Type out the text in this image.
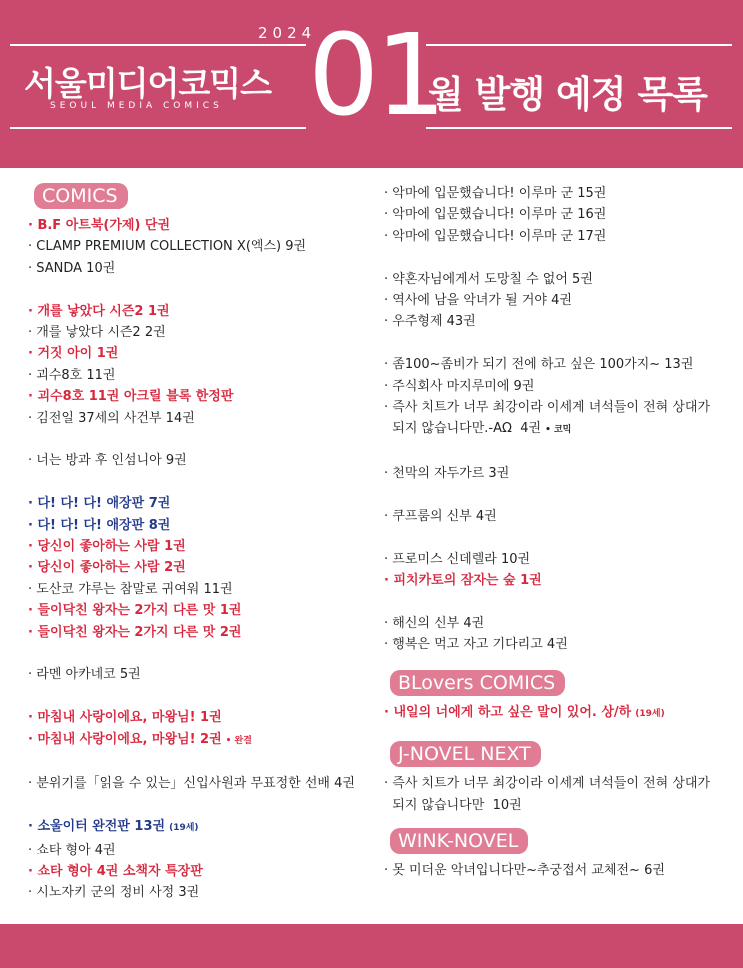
2024
서울미디어코믹스
SEOUL MEDIA COMICS 01
월 발행 예정 목록
COMICS
· B.F 아트북(가제) 단권
· CLAMP PREMIUM COLLECTION X(엑스) 9권
· SANDA 10권
· 개를 낳았다 시즌2 1권
· 개를 낳았다 시즌2 2권
· 거짓 아이 1권
· 괴수8호 11권
· 괴수8호 11권 아크릴 블록 한정판
· 김전일 37세의 사건부 14권
· 너는 방과 후 인섬니아 9권
· 다! 다! 다! 애장판 7권
· 다! 다! 다! 애장판 8권
· 당신이 좋아하는 사람 1권
· 당신이 좋아하는 사람 2권
· 도산코 갸루는 참말로 귀여워 11권
· 들이닥친 왕자는 2가지 다른 맛 1권
· 들이닥친 왕자는 2가지 다른 맛 2권
· 라멘 아카네코 5권
· 마침내 사랑이에요, 마왕님! 1권
· 마침내 사랑이에요, 마왕님! 2권 • 완결
· 분위기를「읽을 수 있는」신입사원과 무표정한 선배 4권
· 소울이터 완전판 13권 (19세)
· 쇼타 형아 4권
· 쇼타 형아 4권 소책자 특장판
· 시노자키 군의 정비 사정 3권
· 악마에 입문했습니다! 이루마 군 15권
· 악마에 입문했습니다! 이루마 군 16권
· 악마에 입문했습니다! 이루마 군 17권
· 약혼자님에게서 도망칠 수 없어 5권
· 역사에 남을 악녀가 될 거야 4권
· 우주형제 43권
· 좀100~좀비가 되기 전에 하고 싶은 100가지~ 13권
· 주식회사 마지루미에 9권
· 즉사 치트가 너무 최강이라 이세계 녀석들이 전혀 상대가
되지 않습니다만.-AΩ  4권 • 코믹
· 천막의 자두가르 3권
· 쿠프룸의 신부 4권
· 프로미스 신데렐라 10권
· 피치카토의 잠자는 숲 1권
· 해신의 신부 4권
· 행복은 먹고 자고 기다리고 4권
BLovers COMICS
· 내일의 너에게 하고 싶은 말이 있어. 상/하 (19세)
J-NOVEL NEXT
· 즉사 치트가 너무 최강이라 이세계 녀석들이 전혀 상대가
되지 않습니다만  10권
WINK-NOVEL
· 못 미더운 악녀입니다만~추궁접서 교체전~ 6권
